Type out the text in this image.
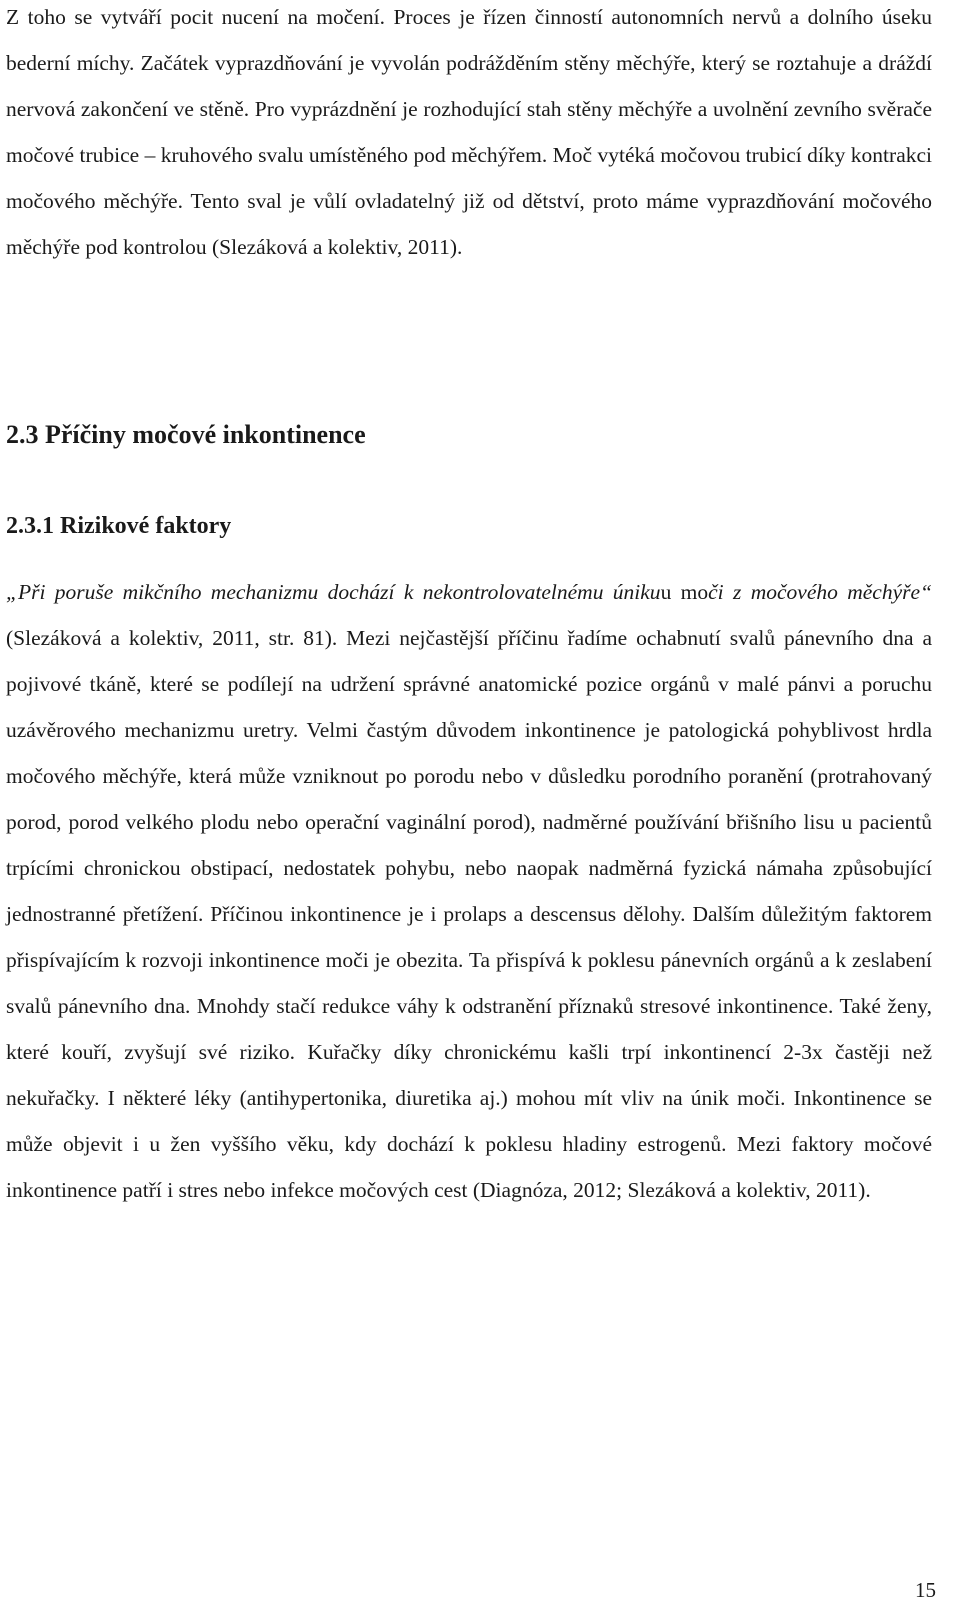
Z toho se vytváří pocit nucení na močení. Proces je řízen činností autonomních nervů a dolního úseku bederní míchy. Začátek vyprazdňování je vyvolán podrážděním stěny měchýře, který se roztahuje a dráždí nervová zakončení ve stěně. Pro vyprázdnění je rozhodující stah stěny měchýře a uvolnění zevního svěrače močové trubice – kruhového svalu umístěného pod měchýřem. Moč vytéká močovou trubicí díky kontrakci močového měchýře. Tento sval je vůlí ovladatelný již od dětství, proto máme vyprazdňování močového měchýře pod kontrolou (Slezáková a kolektiv, 2011).

2.3 Příčiny močové inkontinence
2.3.1 Rizikové faktory

„Při poruše mikčního mechanizmu dochází k nekontrolovatelnému únikuu moči z močového měchýře“ (Slezáková a kolektiv, 2011, str. 81). Mezi nejčastější příčinu řadíme ochabnutí svalů pánevního dna a pojivové tkáně, které se podílejí na udržení správné anatomické pozice orgánů v malé pánvi a poruchu uzávěrového mechanizmu uretry. Velmi častým důvodem inkontinence je patologická pohyblivost hrdla močového měchýře, která může vzniknout po porodu nebo v důsledku porodního poranění (protrahovaný porod, porod velkého plodu nebo operační vaginální porod), nadměrné používání břišního lisu u pacientů trpícími chronickou obstipací, nedostatek pohybu, nebo naopak nadměrná fyzická námaha způsobující jednostranné přetížení. Příčinou inkontinence je i prolaps a descensus dělohy. Dalším důležitým faktorem přispívajícím k rozvoji inkontinence moči je obezita. Ta přispívá k poklesu pánevních orgánů a k zeslabení svalů pánevního dna. Mnohdy stačí redukce váhy k odstranění příznaků stresové inkontinence. Také ženy, které kouří, zvyšují své riziko. Kuřačky díky chronickému kašli trpí inkontinencí 2-3x častěji než nekuřačky. I některé léky (antihypertonika, diuretika aj.) mohou mít vliv na únik moči. Inkontinence se může objevit i u žen vyššího věku, kdy dochází k poklesu hladiny estrogenů. Mezi faktory močové inkontinence patří i stres nebo infekce močových cest (Diagnóza, 2012; Slezáková a kolektiv, 2011).

15
